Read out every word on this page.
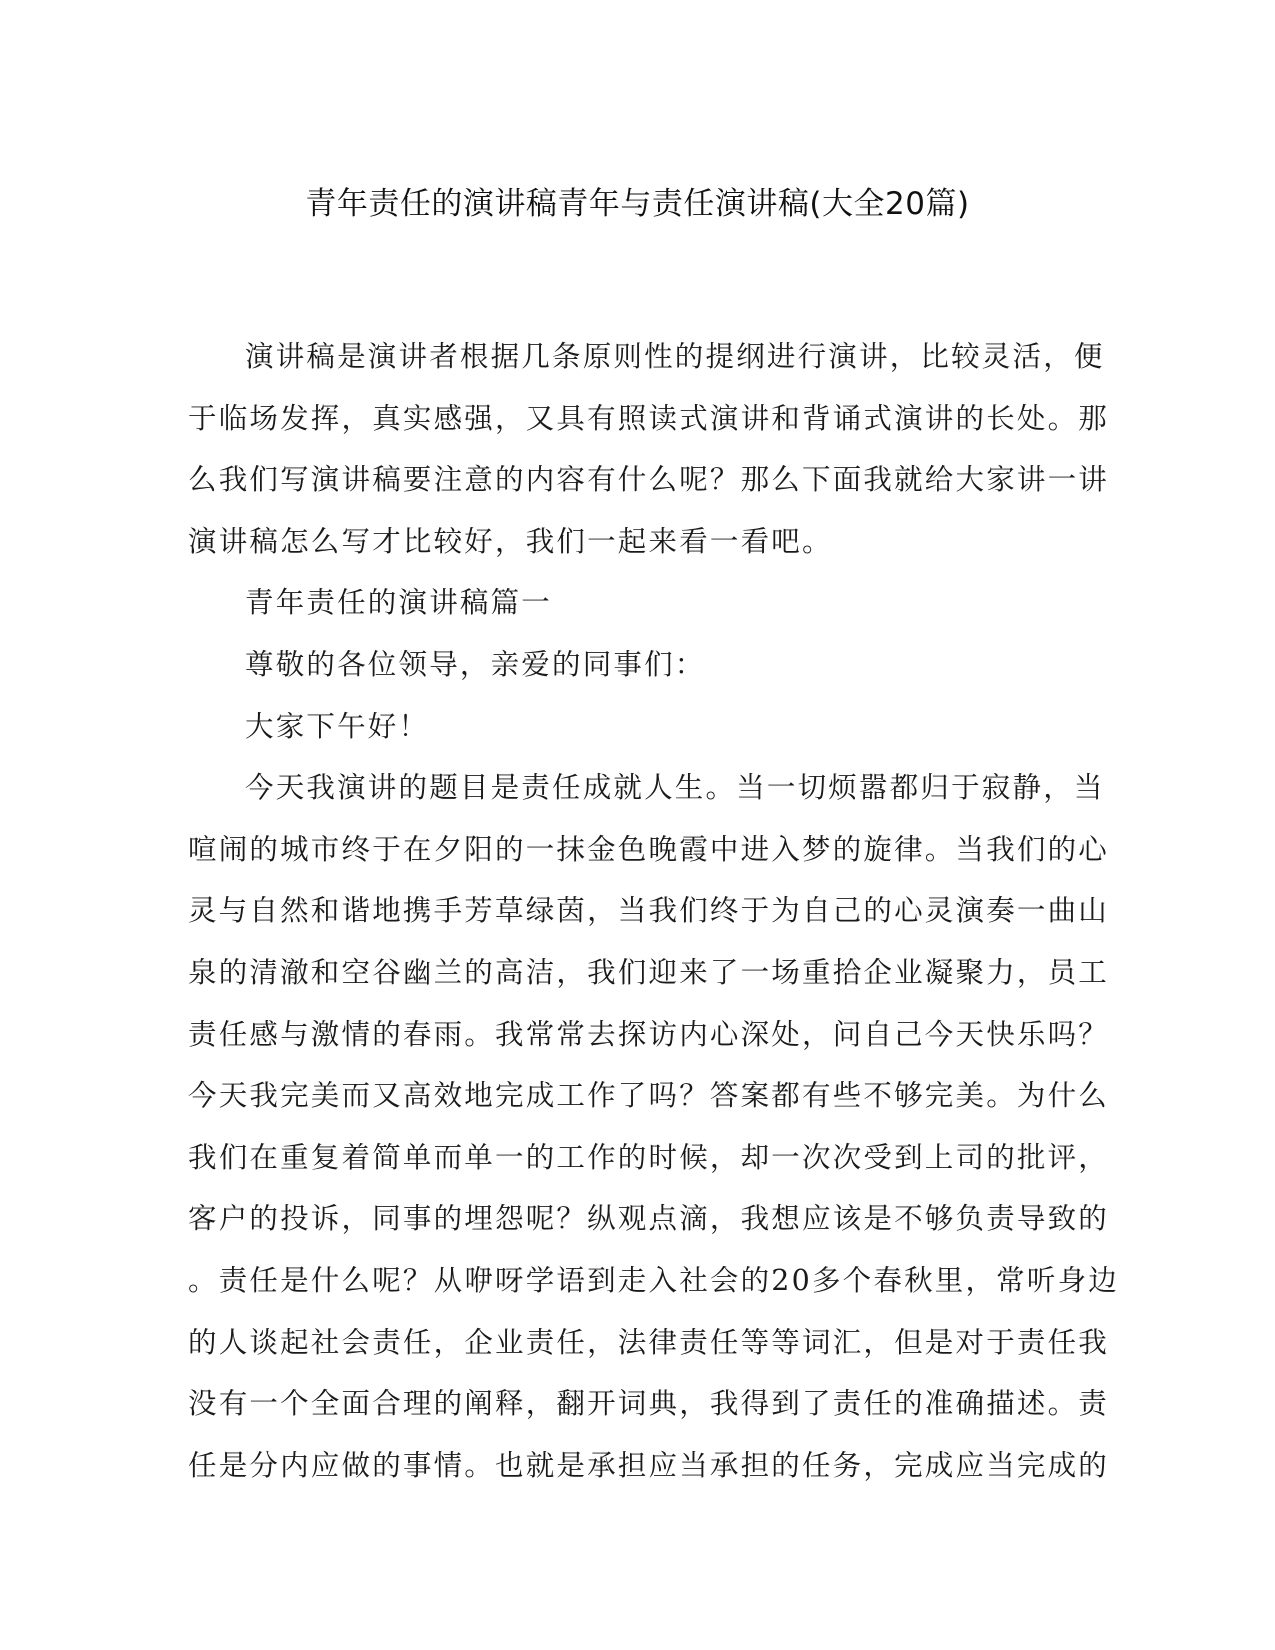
青年责任的演讲稿青年与责任演讲稿(大全20篇)

演讲稿是演讲者根据几条原则性的提纲进行演讲，比较灵活，便
于临场发挥，真实感强，又具有照读式演讲和背诵式演讲的长处。那
么我们写演讲稿要注意的内容有什么呢？那么下面我就给大家讲一讲
演讲稿怎么写才比较好，我们一起来看一看吧。

青年责任的演讲稿篇一

尊敬的各位领导，亲爱的同事们：

大家下午好！

今天我演讲的题目是责任成就人生。当一切烦嚣都归于寂静，当
喧闹的城市终于在夕阳的一抹金色晚霞中进入梦的旋律。当我们的心
灵与自然和谐地携手芳草绿茵，当我们终于为自己的心灵演奏一曲山
泉的清澈和空谷幽兰的高洁，我们迎来了一场重拾企业凝聚力，员工
责任感与激情的春雨。我常常去探访内心深处，问自己今天快乐吗？
今天我完美而又高效地完成工作了吗？答案都有些不够完美。为什么
我们在重复着简单而单一的工作的时候，却一次次受到上司的批评，
客户的投诉，同事的埋怨呢？纵观点滴，我想应该是不够负责导致的
。责任是什么呢？从咿呀学语到走入社会的20多个春秋里，常听身边
的人谈起社会责任，企业责任，法律责任等等词汇，但是对于责任我
没有一个全面合理的阐释，翻开词典，我得到了责任的准确描述。责
任是分内应做的事情。也就是承担应当承担的任务，完成应当完成的
